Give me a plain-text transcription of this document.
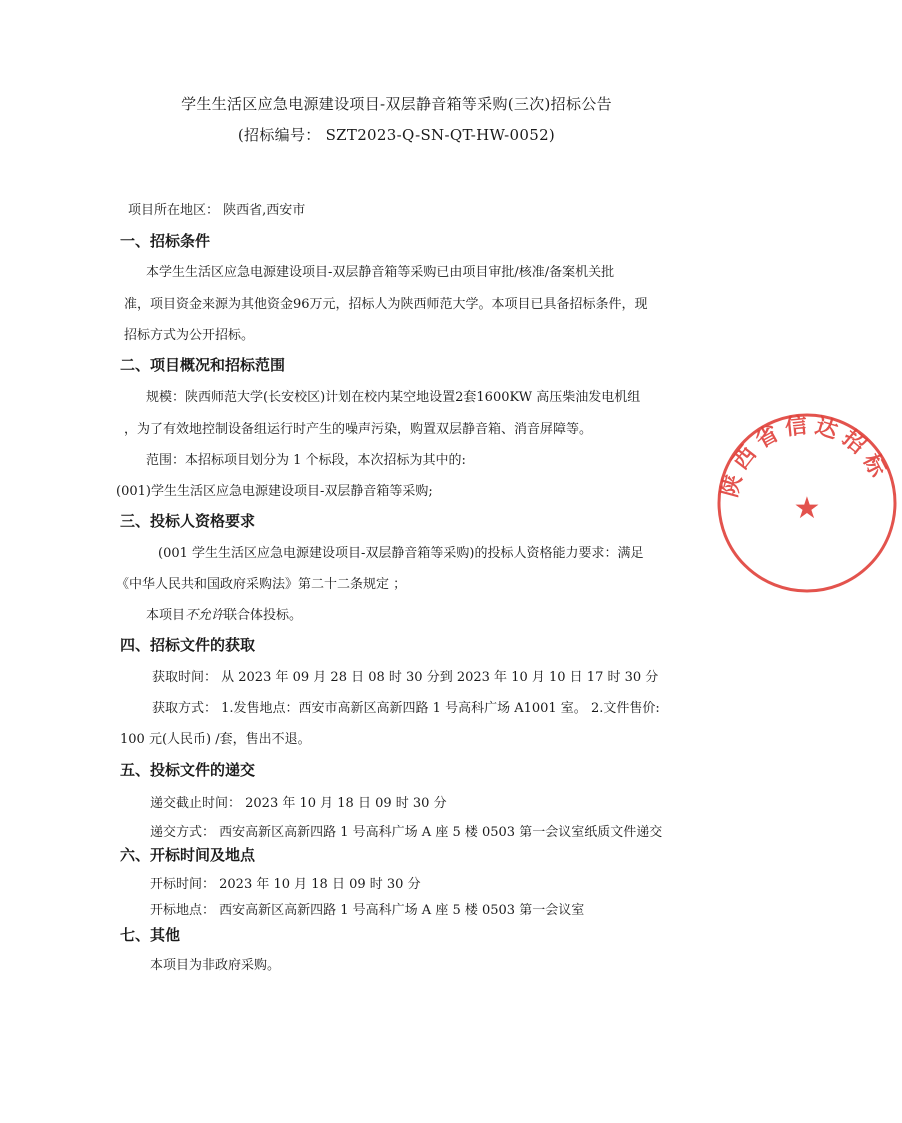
学生生活区应急电源建设项目-双层静音箱等采购(三次)招标公告
(招标编号： SZT2023-Q-SN-QT-HW-0052)
项目所在地区： 陕西省,西安市
一、招标条件
本学生生活区应急电源建设项目-双层静音箱等采购已由项目审批/核准/备案机关批
准，项目资金来源为其他资金96万元，招标人为陕西师范大学。本项目已具备招标条件，现
招标方式为公开招标。
二、项目概况和招标范围
规模：陕西师范大学(长安校区)计划在校内某空地设置2套1600KW 高压柴油发电机组
，为了有效地控制设备组运行时产生的噪声污染，购置双层静音箱、消音屏障等。
范围：本招标项目划分为 1 个标段，本次招标为其中的:
(001)学生生活区应急电源建设项目-双层静音箱等采购;
三、投标人资格要求
(001 学生生活区应急电源建设项目-双层静音箱等采购)的投标人资格能力要求：满足
《中华人民共和国政府采购法》第二十二条规定 ；
本项目不允许联合体投标。
四、招标文件的获取
获取时间： 从 2023 年 09 月 28 日 08 时 30 分到 2023 年 10 月 10 日 17 时 30 分
获取方式： 1.发售地点：西安市高新区高新四路 1 号高科广场 A1001 室。 2.文件售价:
100 元(人民币) /套，售出不退。
五、投标文件的递交
递交截止时间： 2023 年 10 月 18 日 09 时 30 分
递交方式： 西安高新区高新四路 1 号高科广场 A 座 5 楼 0503 第一会议室纸质文件递交
六、开标时间及地点
开标时间： 2023 年 10 月 18 日 09 时 30 分
开标地点： 西安高新区高新四路 1 号高科广场 A 座 5 楼 0503 第一会议室
七、其他
本项目为非政府采购。
陕西省信达招标
★
